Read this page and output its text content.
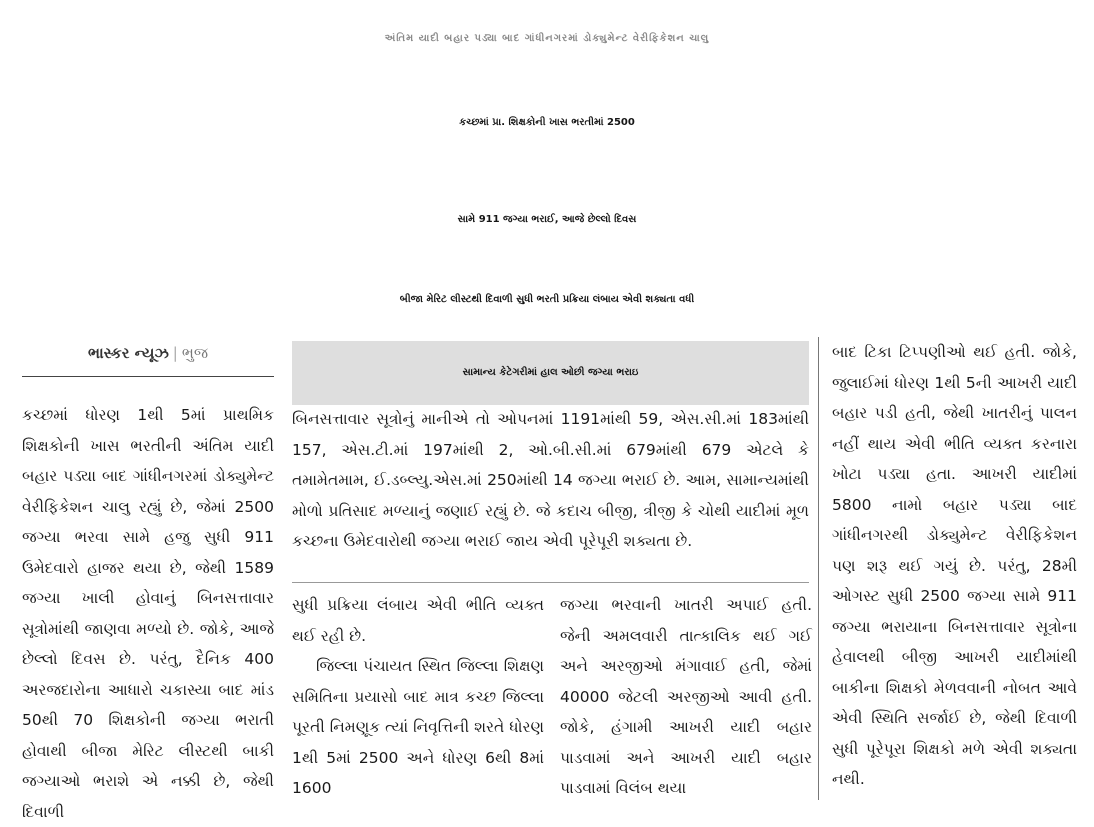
અંતિમ યાદી બહાર પડ્યા બાદ ગાંધીનગરમાં ડોક્યુમેન્ટ વેરીફિકેશન ચાલુ
કચ્છમાં પ્રા. શિક્ષકોની ખાસ ભરતીમાં 2500
સામે 911 જગ્યા ભરાઈ, આજે છેલ્લો દિવસ
બીજા મેરિટ લીસ્ટથી દિવાળી સુધી ભરતી પ્રક્રિયા લંબાય એવી શક્યતા વધી
ભાસ્કર ન્યૂઝ | ભુજ
સામાન્ય કેટેગરીમાં હાલ ઓછી જગ્યા ભરાઇ

કચ્છમાં ધોરણ 1થી 5માં પ્રાથમિક શિક્ષકોની ખાસ ભરતીની અંતિમ યાદી બહાર પડ્યા બાદ ગાંધીનગરમાં ડોક્યુમેન્ટ વેરીફિકેશન ચાલુ રહ્યું છે, જેમાં 2500 જગ્યા ભરવા સામે હજુ સુધી 911 ઉમેદવારો હાજર થયા છે, જેથી 1589 જગ્યા ખાલી હોવાનું બિનસત્તાવાર સૂત્રોમાંથી જાણવા મળ્યો છે. જોકે, આજે છેલ્લો દિવસ છે. પરંતુ, દૈનિક 400 અરજદારોના આધારો ચકાસ્યા બાદ માંડ 50થી 70 શિક્ષકોની જગ્યા ભરાતી હોવાથી બીજા મેરિટ લીસ્ટથી બાકી જગ્યાઓ ભરાશે એ નક્કી છે, જેથી દિવાળી

બિનસત્તાવાર સૂત્રોનું માનીએ તો ઓપનમાં 1191માંથી 59, એસ.સી.માં 183માંથી 157, એસ.ટી.માં 197માંથી 2, ઓ.બી.સી.માં 679માંથી 679 એટલે કે તમામેતમામ, ઈ.ડબ્લ્યુ.એસ.માં 250માંથી 14 જગ્યા ભરાઈ છે. આમ, સામાન્યમાંથી મોળો પ્રતિસાદ મળ્યાનું જણાઈ રહ્યું છે. જે કદાચ બીજી, ત્રીજી કે ચોથી યાદીમાં મૂળ કચ્છના ઉમેદવારોથી જગ્યા ભરાઈ જાય એવી પૂરેપૂરી શક્યતા છે.

સુધી પ્રક્રિયા લંબાય એવી ભીતિ વ્યક્ત થઈ રહી છે.

જિલ્લા પંચાયત સ્થિત જિલ્લા શિક્ષણ સમિતિના પ્રયાસો બાદ માત્ર કચ્છ જિલ્લા પૂરતી નિમણૂક ત્યાં નિવૃત્તિની શરતે ધોરણ 1થી 5માં 2500 અને ધોરણ 6થી 8માં 1600

જગ્યા ભરવાની ખાતરી અપાઈ હતી. જેની અમલવારી તાત્કાલિક થઈ ગઈ અને અરજીઓ મંગાવાઈ હતી, જેમાં 40000 જેટલી અરજીઓ આવી હતી. જોકે, હંગામી આખરી યાદી બહાર પાડવામાં અને આખરી યાદી બહાર પાડવામાં વિલંબ થયા

બાદ ટિકા ટિપ્પણીઓ થઈ હતી. જોકે, જુલાઈમાં ધોરણ 1થી 5ની આખરી યાદી બહાર પડી હતી, જેથી ખાતરીનું પાલન નહીં થાય એવી ભીતિ વ્યક્ત કરનારા ખોટા પડ્યા હતા. આખરી યાદીમાં 5800 નામો બહાર પડ્યા બાદ ગાંધીનગરથી ડોક્યુમેન્ટ વેરીફિકેશન પણ શરૂ થઈ ગયું છે. પરંતુ, 28મી ઓગસ્ટ સુધી 2500 જગ્યા સામે 911 જગ્યા ભરાયાના બિનસત્તાવાર સૂત્રોના હેવાલથી બીજી આખરી યાદીમાંથી બાકીના શિક્ષકો મેળવવાની નોબત આવે એવી સ્થિતિ સર્જાઈ છે, જેથી દિવાળી સુધી પૂરેપૂરા શિક્ષકો મળે એવી શક્યતા નથી.
